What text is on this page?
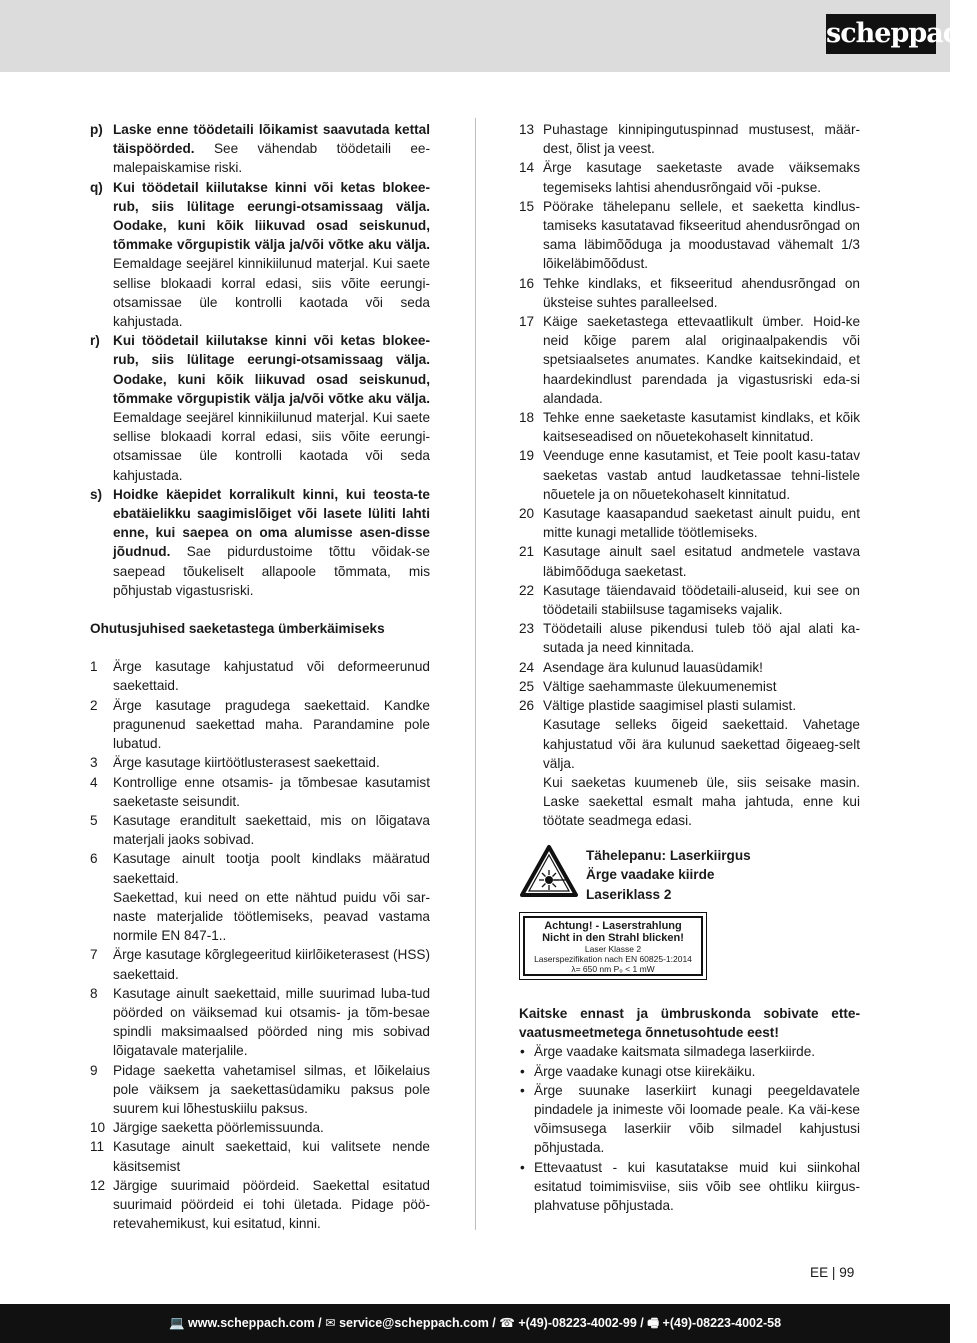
scheppach
p) Laske enne töödetaili lõikamist saavutada kettal täispöörded. See vähendab töödetaili ee-malepaiskamise riski.
q) Kui töödetail kiilutakse kinni või ketas blokee-rub, siis lülitage eerungi-otsamissaag välja. Oodake, kuni kõik liikuvad osad seiskunud, tõmmake võrgupistik välja ja/või võtke aku välja. Eemaldage seejärel kinnikiilunud materjal. Kui saete sellise blokaadi korral edasi, siis võite eerungi-otsamissae üle kontrolli kaotada või seda kahjustada.
r) Kui töödetail kiilutakse kinni või ketas blokee-rub, siis lülitage eerungi-otsamissaag välja. Oodake, kuni kõik liikuvad osad seiskunud, tõmmake võrgupistik välja ja/või võtke aku välja. Eemaldage seejärel kinnikiilunud materjal. Kui saete sellise blokaadi korral edasi, siis võite eerungi-otsamissae üle kontrolli kaotada või seda kahjustada.
s) Hoidke käepidet korralikult kinni, kui teosta-te ebatäielikku saagimislõiget või lasete lüliti lahti enne, kui saepea on oma alumisse asen-disse jõudnud. Sae pidurdustoime tõttu võidak-se saepead tõukeliselt allapoole tõmmata, mis põhjustab vigastusriski.
Ohutusjuhised saeketastega ümberkäimiseks
1 Ärge kasutage kahjustatud või deformeerunud saekettaid.
2 Ärge kasutage pragudega saekettaid. Kandke pragunenud saekettad maha. Parandamine pole lubatud.
3 Ärge kasutage kiirtöötlusterasest saekettaid.
4 Kontrollige enne otsamis- ja tõmbesae kasutamist saeketaste seisundit.
5 Kasutage eranditult saekettaid, mis on lõigatava materjali jaoks sobivad.
6 Kasutage ainult tootja poolt kindlaks määratud saekettaid.
Saekettad, kui need on ette nähtud puidu või sar-naste materjalide töötlemiseks, peavad vastama normile EN 847-1..
7 Ärge kasutage kõrglegeeritud kiirlõiketerasest (HSS) saekettaid.
8 Kasutage ainult saekettaid, mille suurimad luba-tud pöörded on väiksemad kui otsamis- ja tõm-besae spindli maksimaalsed pöörded ning mis sobivad lõigatavale materjalile.
9 Pidage saeketta vahetamisel silmas, et lõikelaius pole väiksem ja saekettasüdamiku paksus pole suurem kui lõhestuskiilu paksus.
10 Järgige saeketta pöörlemissuunda.
11 Kasutage ainult saekettaid, kui valitsete nende käsitsemist
12 Järgige suurimaid pöördeid. Saekettal esitatud suurimaid pöördeid ei tohi ületada. Pidage pöö-retevahemikust, kui esitatud, kinni.
13 Puhastage kinnipingutuspinnad mustusest, määr-dest, õlist ja veest.
14 Ärge kasutage saeketaste avade väiksemaks tegemiseks lahtisi ahendusrõngaid või -pukse.
15 Pöörake tähelepanu sellele, et saeketta kindlus-tamiseks kasutatavad fikseeritud ahendusrõngad on sama läbimõõduga ja moodustavad vähemalt 1/3 lõikeläbimõõdust.
16 Tehke kindlaks, et fikseeritud ahendusrõngad on üksteise suhtes paralleelsed.
17 Käige saeketastega ettevaatlikult ümber. Hoid-ke neid kõige parem alal originaalpakendis või spetsiaalsetes anumates. Kandke kaitsekindaid, et haardekindlust parendada ja vigastusriski eda-si alandada.
18 Tehke enne saeketaste kasutamist kindlaks, et kõik kaitseseadised on nõuetekohaselt kinnitatud.
19 Veenduge enne kasutamist, et Teie poolt kasu-tatav saeketas vastab antud laudketassae tehni-listele nõuetele ja on nõuetekohaselt kinnitatud.
20 Kasutage kaasapandud saeketast ainult puidu, ent mitte kunagi metallide töötlemiseks.
21 Kasutage ainult sael esitatud andmetele vastava läbimõõduga saeketast.
22 Kasutage täiendavaid töödetaili-aluseid, kui see on töödetaili stabiilsuse tagamiseks vajalik.
23 Töödetaili aluse pikendusi tuleb töö ajal alati ka-sutada ja need kinnitada.
24 Asendage ära kulunud lauasüdamik!
25 Vältige saehammaste ülekuumenemist
26 Vältige plastide saagimisel plasti sulamist.
Kasutage selleks õigeid saekettaid. Vahetage kahjustatud või ära kulunud saekettad õigeaeg-selt välja.
Kui saeketas kuumeneb üle, siis seisake masin. Laske saekettal esmalt maha jahtuda, enne kui töötate seadmega edasi.
Tähelepanu: Laserkiirgus
Ärge vaadake kiirde
Laseriklass 2
Achtung! - Laserstrahlung
Nicht in den Strahl blicken!
Laser Klasse 2
Laserspezifikation nach EN 60825-1:2014
λ= 650 nm P₀ < 1 mW
Kaitske ennast ja ümbruskonda sobivate ette-vaatusmeetmetega õnnetusohtude eest!
• Ärge vaadake kaitsmata silmadega laserkiirde.
• Ärge vaadake kunagi otse kiirekäiku.
• Ärge suunake laserkiirt kunagi peegeldavatele pindadele ja inimeste või loomade peale. Ka väi-kese võimsusega laserkiir võib silmadel kahjustusi põhjustada.
• Ettevaatust - kui kasutatakse muid kui siinkohal esitatud toimimisviise, siis võib see ohtliku kiirgus-plahvatuse põhjustada.
EE | 99
💻 www.scheppach.com / ✉ service@scheppach.com / ☎ +(49)-08223-4002-99 / 🖷 +(49)-08223-4002-58
